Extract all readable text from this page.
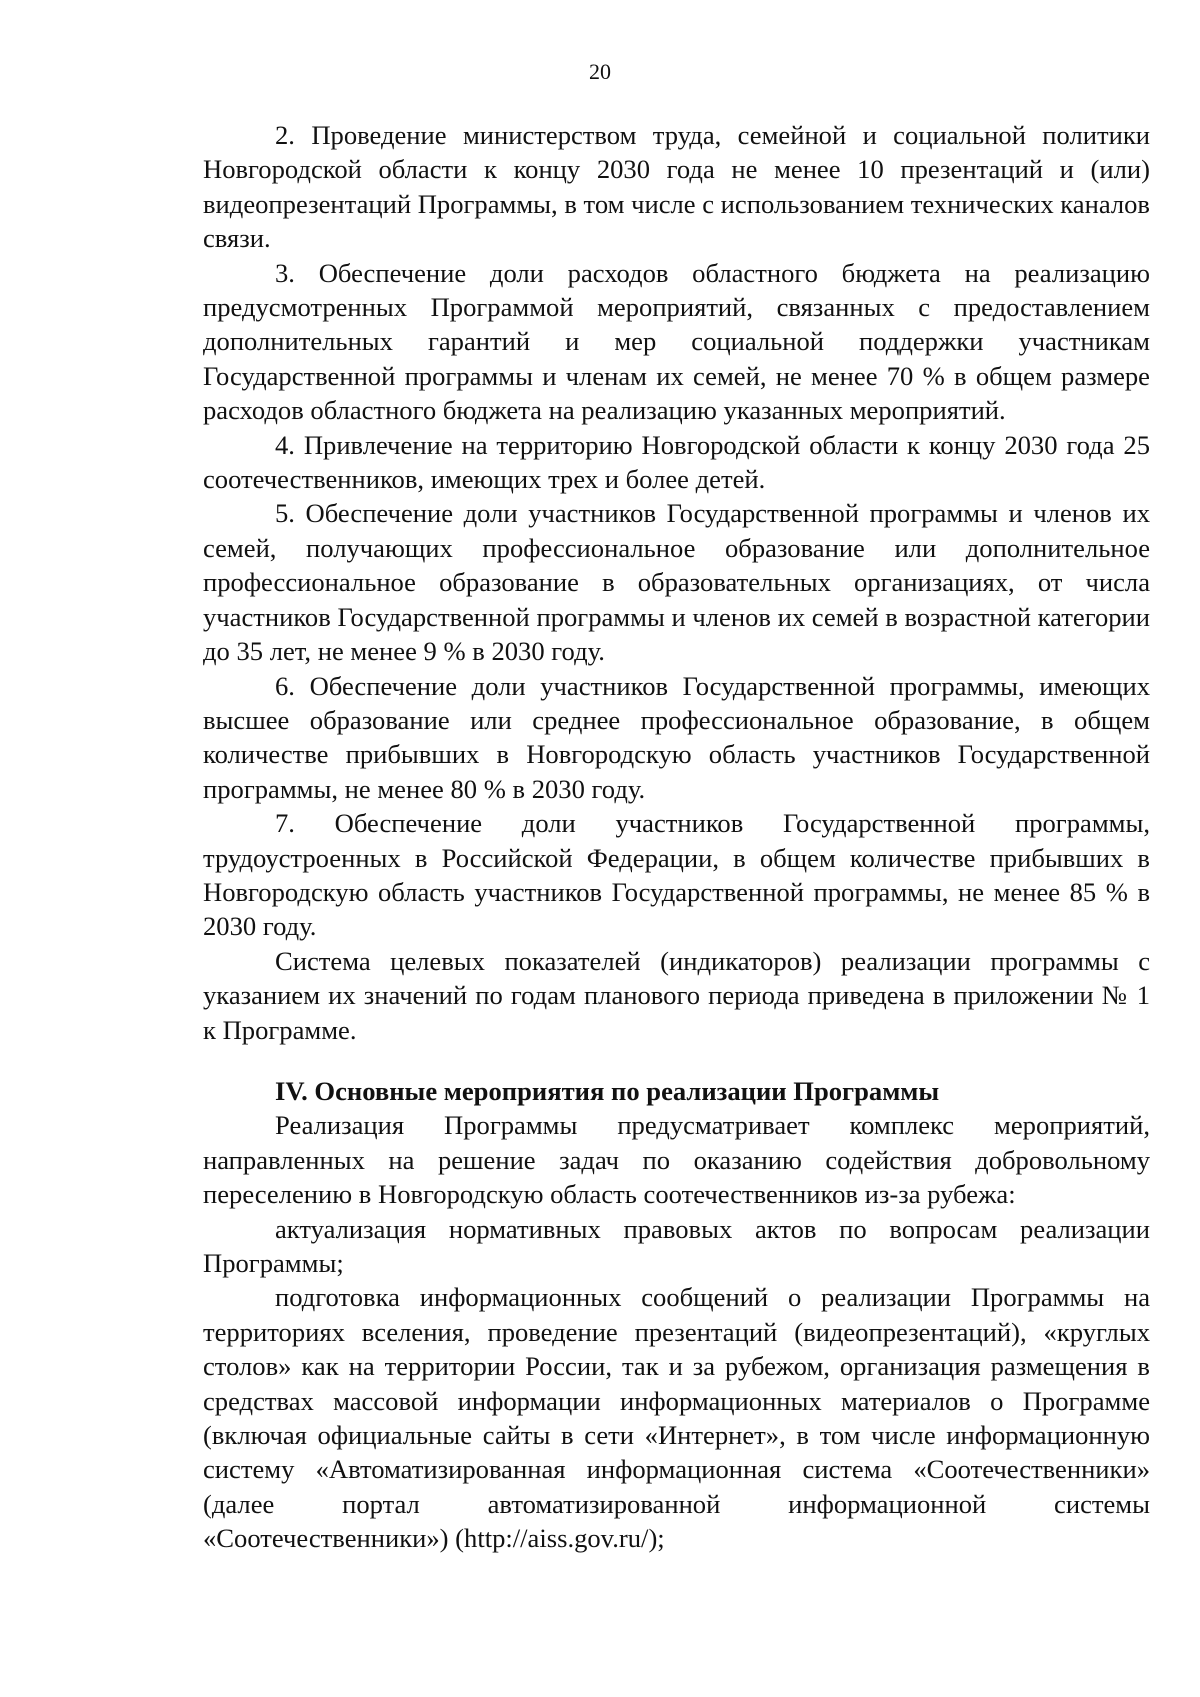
20

2. Проведение министерством труда, семейной и социальной политики Новгородской области к концу 2030 года не менее 10 презентаций и (или) видеопрезентаций Программы, в том числе с использованием технических каналов связи.

3. Обеспечение доли расходов областного бюджета на реализацию предусмотренных Программой мероприятий, связанных с предоставлением дополнительных гарантий и мер социальной поддержки участникам Государственной программы и членам их семей, не менее 70 % в общем размере расходов областного бюджета на реализацию указанных мероприятий.

4. Привлечение на территорию Новгородской области к концу 2030 года 25 соотечественников, имеющих трех и более детей.

5. Обеспечение доли участников Государственной программы и членов их семей, получающих профессиональное образование или дополнительное профессиональное образование в образовательных организациях, от числа участников Государственной программы и членов их семей в возрастной категории до 35 лет, не менее 9 % в 2030 году.

6. Обеспечение доли участников Государственной программы, имеющих высшее образование или среднее профессиональное образование, в общем количестве прибывших в Новгородскую область участников Государственной программы, не менее 80 % в 2030 году.

7. Обеспечение доли участников Государственной программы, трудоустроенных в Российской Федерации, в общем количестве прибывших в Новгородскую область участников Государственной программы, не менее 85 % в 2030 году.

Система целевых показателей (индикаторов) реализации программы с указанием их значений по годам планового периода приведена в приложении № 1 к Программе.

IV. Основные мероприятия по реализации Программы

Реализация Программы предусматривает комплекс мероприятий, направленных на решение задач по оказанию содействия добровольному переселению в Новгородскую область соотечественников из-за рубежа:

актуализация нормативных правовых актов по вопросам реализации Программы;

подготовка информационных сообщений о реализации Программы на территориях вселения, проведение презентаций (видеопрезентаций), «круглых столов» как на территории России, так и за рубежом, организация размещения в средствах массовой информации информационных материалов о Программе (включая официальные сайты в сети «Интернет», в том числе информационную систему «Автоматизированная информационная система «Соотечественники» (далее портал автоматизированной информационной системы «Соотечественники») (http://aiss.gov.ru/);
